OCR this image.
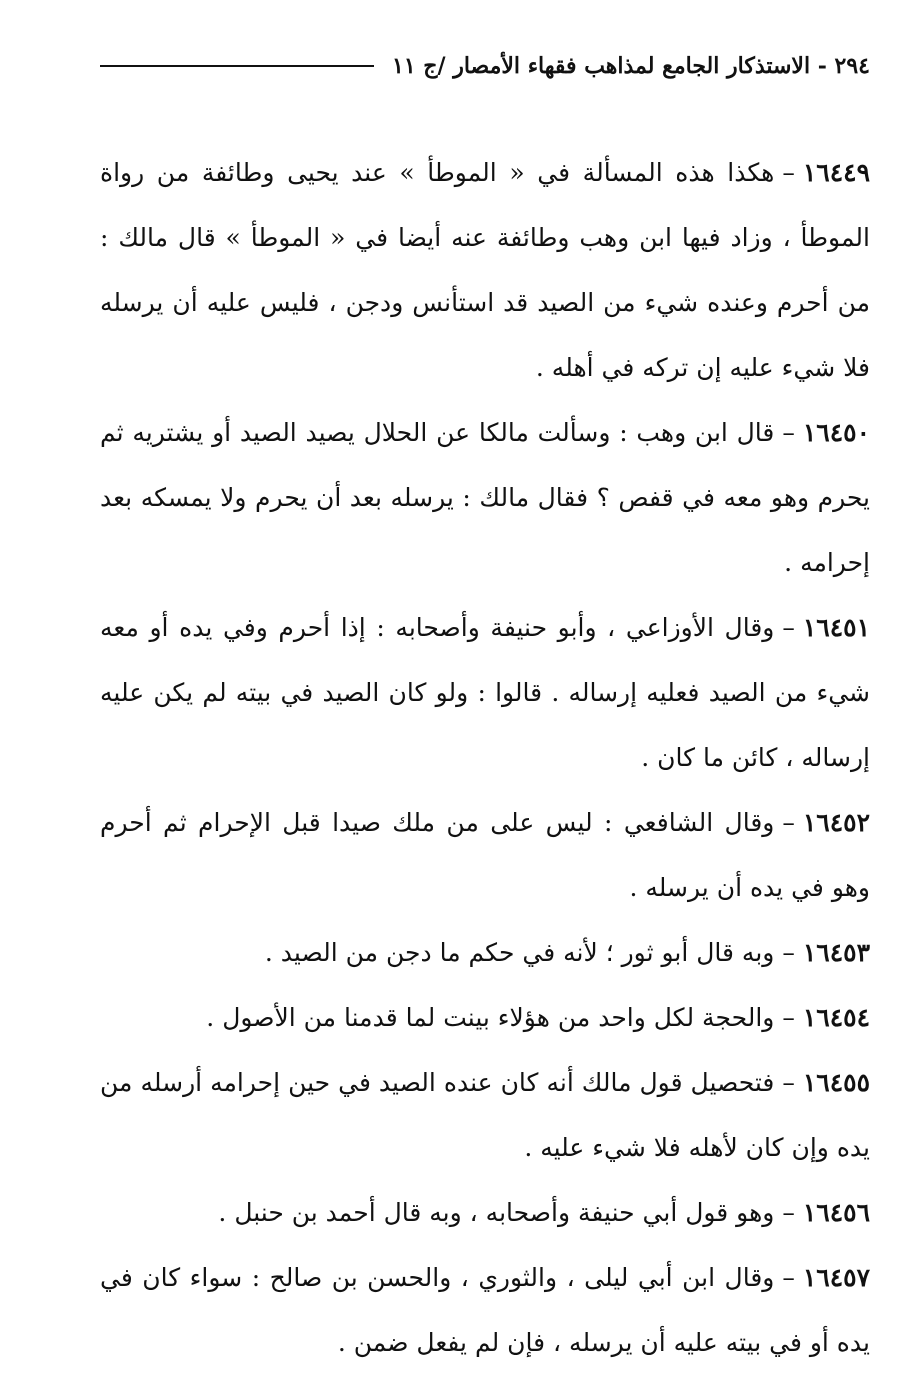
٢٩٤ - الاستذكار الجامع لمذاهب فقهاء الأمصار /ج ١١

١٦٤٤٩–هكذا هذه المسألة في « الموطأ » عند يحيى وطائفة من رواة الموطأ ، وزاد فيها ابن وهب وطائفة عنه أيضا في « الموطأ » قال مالك : من أحرم وعنده شيء من الصيد قد استأنس ودجن ، فليس عليه أن يرسله فلا شيء عليه إن تركه في أهله .

١٦٤٥٠–قال ابن وهب : وسألت مالكا عن الحلال يصيد الصيد أو يشتريه ثم يحرم وهو معه في قفص ؟ فقال مالك : يرسله بعد أن يحرم ولا يمسكه بعد إحرامه .

١٦٤٥١–وقال الأوزاعي ، وأبو حنيفة وأصحابه : إذا أحرم وفي يده أو معه شيء من الصيد فعليه إرساله . قالوا : ولو كان الصيد في بيته لم يكن عليه إرساله ، كائن ما كان .

١٦٤٥٢–وقال الشافعي : ليس على من ملك صيدا قبل الإحرام ثم أحرم وهو في يده أن يرسله .

١٦٤٥٣–وبه قال أبو ثور ؛ لأنه في حكم ما دجن من الصيد .

١٦٤٥٤–والحجة لكل واحد من هؤلاء بينت لما قدمنا من الأصول .

١٦٤٥٥–فتحصيل قول مالك أنه كان عنده الصيد في حين إحرامه أرسله من يده وإن كان لأهله فلا شيء عليه .

١٦٤٥٦–وهو قول أبي حنيفة وأصحابه ، وبه قال أحمد بن حنبل .

١٦٤٥٧–وقال ابن أبي ليلى ، والثوري ، والحسن بن صالح : سواء كان في يده أو في بيته عليه أن يرسله ، فإن لم يفعل ضمن .
